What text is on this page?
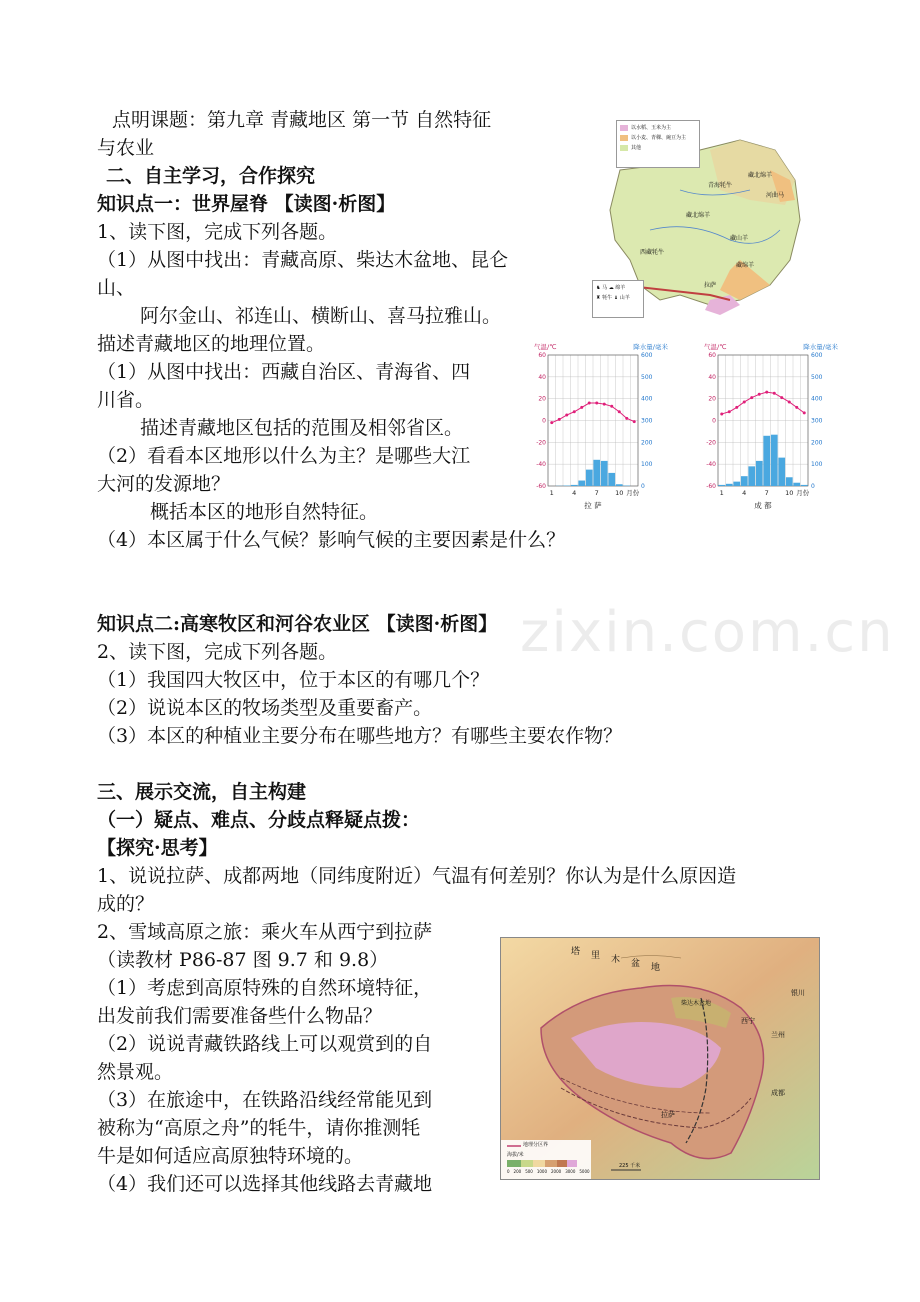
点明课题：第九章 青藏地区 第一节 自然特征
与农业
二、自主学习，合作探究
知识点一：世界屋脊 【读图·析图】
1、读下图，完成下列各题。
（1）从图中找出：青藏高原、柴达木盆地、昆仑
山、
阿尔金山、祁连山、横断山、喜马拉雅山。
描述青藏地区的地理位置。
（1）从图中找出：西藏自治区、青海省、四
川省。
描述青藏地区包括的范围及相邻省区。
（2）看看本区地形以什么为主？是哪些大江
大河的发源地？
概括本区的地形自然特征。
（4）本区属于什么气候？影响气候的主要因素是什么？
zixin.com.cn
知识点二:高寒牧区和河谷农业区 【读图·析图】
2、读下图，完成下列各题。
（1）我国四大牧区中，位于本区的有哪几个？
（2）说说本区的牧场类型及重要畜产。
（3）本区的种植业主要分布在哪些地方？有哪些主要农作物？
三、展示交流，自主构建
（一）疑点、难点、分歧点释疑点拨：
【探究·思考】
1、说说拉萨、成都两地（同纬度附近）气温有何差别？你认为是什么原因造
成的？
2、雪域高原之旅：乘火车从西宁到拉萨
（读教材 P86-87 图 9.7 和 9.8）
（1）考虑到高原特殊的自然环境特征，
出发前我们需要准备些什么物品？
（2）说说青藏铁路线上可以观赏到的自
然景观。
（3）在旅途中，在铁路沿线经常能见到
被称为“高原之舟”的牦牛，请你推测牦
牛是如何适应高原独特环境的。
（4）我们还可以选择其他线路去青藏地
以水稻、玉米为主
以小麦、青稞、豌豆为主
其他
♞ 马 ☁ 绵羊
♜ 牦牛 ♝ 山羊
藏北绵羊
青海牦牛
河曲马
藏北绵羊
藏山羊
西藏牦牛
藏绵羊
拉萨
60
40
20
0
-20
-40
-60
600
500
400
300
200
100
0
气温/℃	降水量/毫米
1	4	7	10 月份
拉 萨
60
40
20
0
-20
-40
-60
600
500
400
300
200
100
0
气温/℃	降水量/毫米
1	4	7	10 月份
成 都
塔 里 木 盆 地
柴达木盆地
银川
西宁
兰州
成都
拉萨
地理分区界
海拔/米
0 200 500 1000 2000 3000 5000
225 千米
